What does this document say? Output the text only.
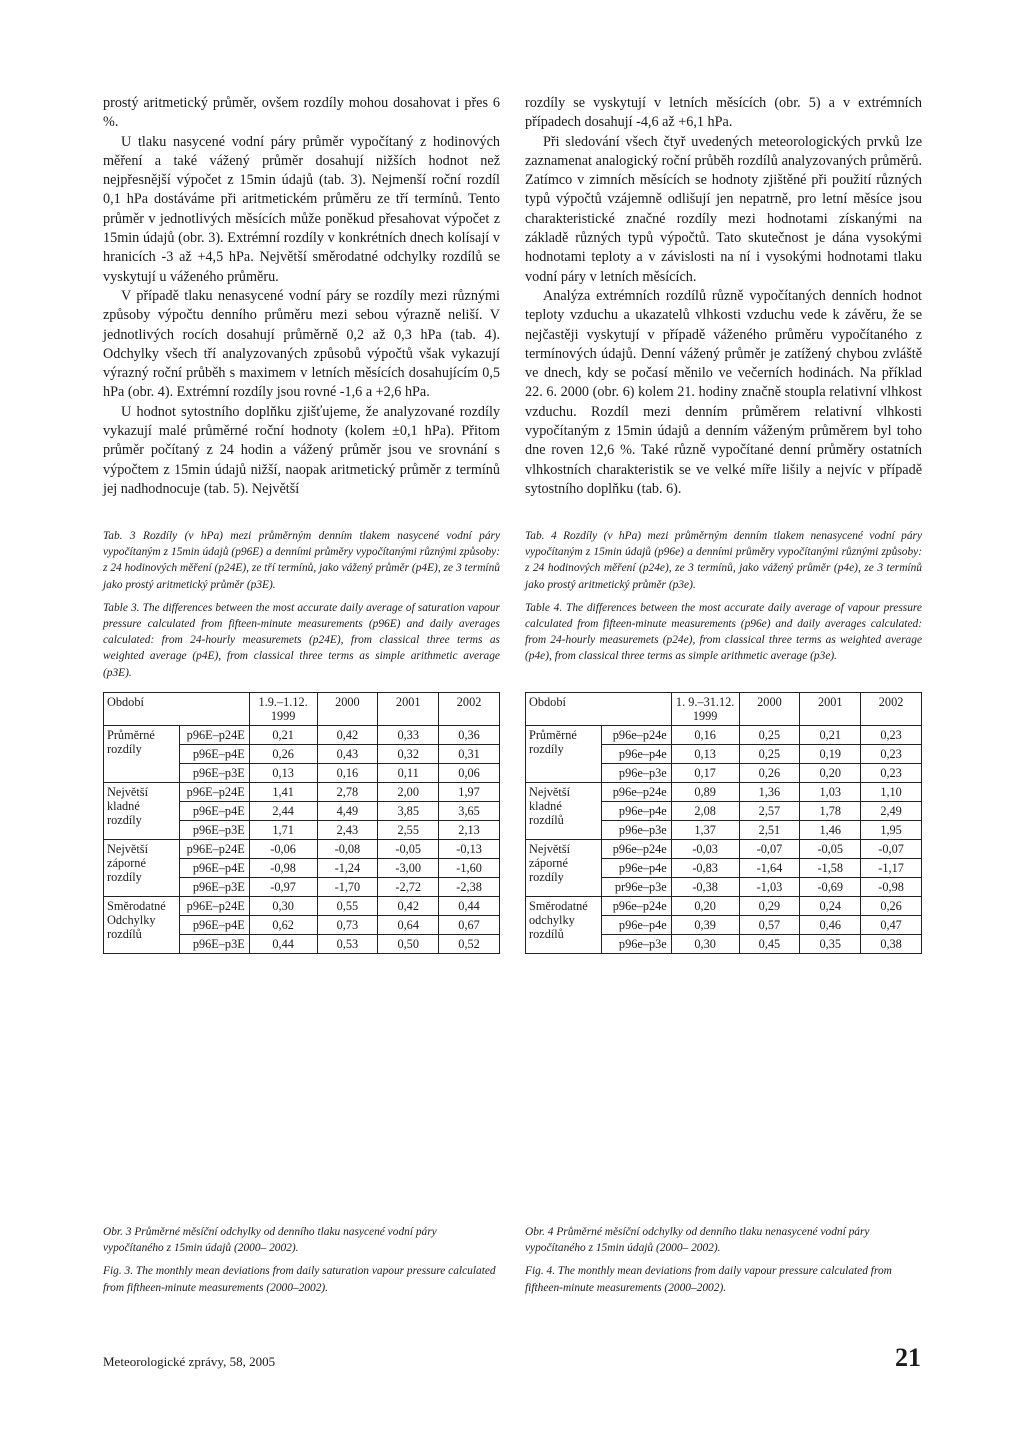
prostý aritmetický průměr, ovšem rozdíly mohou dosahovat i přes 6 %.

U tlaku nasycené vodní páry průměr vypočítaný z hodinových měření a také vážený průměr dosahují nižších hodnot než nejpřesnější výpočet z 15min údajů (tab. 3). Nejmenší roční rozdíl 0,1 hPa dostáváme při aritmetickém průměru ze tří termínů. Tento průměr v jednotlivých měsících může poněkud přesahovat výpočet z 15min údajů (obr. 3). Extrémní rozdíly v konkrétních dnech kolísají v hranicích -3 až +4,5 hPa. Největší směrodatné odchylky rozdílů se vyskytují u váženého průměru.

V případě tlaku nenasycené vodní páry se rozdíly mezi různými způsoby výpočtu denního průměru mezi sebou výrazně neliší. V jednotlivých rocích dosahují průměrně 0,2 až 0,3 hPa (tab. 4). Odchylky všech tří analyzovaných způsobů výpočtů však vykazují výrazný roční průběh s maximem v letních měsících dosahujícím 0,5 hPa (obr. 4). Extrémní rozdíly jsou rovné -1,6 a +2,6 hPa.

U hodnot sytostního doplňku zjišťujeme, že analyzované rozdíly vykazují malé průměrné roční hodnoty (kolem ±0,1 hPa). Přitom průměr počítaný z 24 hodin a vážený průměr jsou ve srovnání s výpočtem z 15min údajů nižší, naopak aritmetický průměr z termínů jej nadhodnocuje (tab. 5). Největší

rozdíly se vyskytují v letních měsících (obr. 5) a v extrémních případech dosahují -4,6 až +6,1 hPa.

Při sledování všech čtyř uvedených meteorologických prvků lze zaznamenat analogický roční průběh rozdílů analyzovaných průměrů. Zatímco v zimních měsících se hodnoty zjištěné při použití různých typů výpočtů vzájemně odlišují jen nepatrně, pro letní měsíce jsou charakteristické značné rozdíly mezi hodnotami získanými na základě různých typů výpočtů. Tato skutečnost je dána vysokými hodnotami teploty a v závislosti na ní i vysokými hodnotami tlaku vodní páry v letních měsících.

Analýza extrémních rozdílů různě vypočítaných denních hodnot teploty vzduchu a ukazatelů vlhkosti vzduchu vede k závěru, že se nejčastěji vyskytují v případě váženého průměru vypočítaného z termínových údajů. Denní vážený průměr je zatížený chybou zvláště ve dnech, kdy se počasí měnilo ve večerních hodinách. Na příklad 22. 6. 2000 (obr. 6) kolem 21. hodiny značně stoupla relativní vlhkost vzduchu. Rozdíl mezi denním průměrem relativní vlhkosti vypočítaným z 15min údajů a denním váženým průměrem byl toho dne roven 12,6 %. Také různě vypočítané denní průměry ostatních vlhkostních charakteristik se ve velké míře lišily a nejvíc v případě sytostního doplňku (tab. 6).

Tab. 3 Rozdíly (v hPa) mezi průměrným denním tlakem nasycené vodní páry vypočítaným z 15min údajů (p96E) a denními průměry vypočítanými různými způsoby: z 24 hodinových měření (p24E), ze tří termínů, jako vážený průměr (p4E), ze 3 termínů jako prostý aritmetický průměr (p3E).

Table 3. The differences between the most accurate daily average of saturation vapour pressure calculated from fifteen-minute measurements (p96E) and daily averages calculated: from 24-hourly measuremets (p24E), from classical three terms as weighted average (p4E), from classical three terms as simple arithmetic average (p3E).

Tab. 4 Rozdíly (v hPa) mezi průměrným denním tlakem nenasycené vodní páry vypočítaným z 15min údajů (p96e) a denními průměry vypočítanými různými způsoby: z 24 hodinových měření (p24e), ze 3 termínů, jako vážený průměr (p4e), ze 3 termínů jako prostý aritmetický průměr (p3e).

Table 4. The differences between the most accurate daily average of vapour pressure calculated from fifteen-minute measurements (p96e) and daily averages calculated: from 24-hourly measuremets (p24e), from classical three terms as weighted average (p4e), from classical three terms as simple arithmetic average (p3e).

Období		1.9.–1.12. 1999	2000	2001	2002
Průměrné rozdíly	p96E–p24E	0,21	0,42	0,33	0,36
	p96E–p4E	0,26	0,43	0,32	0,31
	p96E–p3E	0,13	0,16	0,11	0,06
Největší kladné rozdíly	p96E–p24E	1,41	2,78	2,00	1,97
	p96E–p4E	2,44	4,49	3,85	3,65
	p96E–p3E	1,71	2,43	2,55	2,13
Největší záporné rozdíly	p96E–p24E	-0,06	-0,08	-0,05	-0,13
	p96E–p4E	-0,98	-1,24	-3,00	-1,60
	p96E–p3E	-0,97	-1,70	-2,72	-2,38
Směrodatné Odchylky rozdílů	p96E–p24E	0,30	0,55	0,42	0,44
	p96E–p4E	0,62	0,73	0,64	0,67
	p96E–p3E	0,44	0,53	0,50	0,52
Období		1. 9.–31.12. 1999	2000	2001	2002
Průměrné rozdíly	p96e–p24e	0,16	0,25	0,21	0,23
	p96e–p4e	0,13	0,25	0,19	0,23
	p96e–p3e	0,17	0,26	0,20	0,23
Největší kladné rozdílů	p96e–p24e	0,89	1,36	1,03	1,10
	p96e–p4e	2,08	2,57	1,78	2,49
	p96e–p3e	1,37	2,51	1,46	1,95
Největší záporné rozdíly	p96e–p24e	-0,03	-0,07	-0,05	-0,07
	p96e–p4e	-0,83	-1,64	-1,58	-1,17
	pr96e–p3e	-0,38	-1,03	-0,69	-0,98
Směrodatné odchylky rozdílů	p96e–p24e	0,20	0,29	0,24	0,26
	p96e–p4e	0,39	0,57	0,46	0,47
	p96e–p3e	0,30	0,45	0,35	0,38

Obr. 3 Průměrné měsíční odchylky od denního tlaku nasycené vodní páry vypočítaného z 15min údajů (2000– 2002).

Fig. 3. The monthly mean deviations from daily saturation vapour pressure calculated from fiftheen-minute measurements (2000–2002).

Obr. 4 Průměrné měsíční odchylky od denního tlaku nenasycené vodní páry vypočítaného z 15min údajů (2000– 2002).

Fig. 4. The monthly mean deviations from daily vapour pressure calculated from fiftheen-minute measurements (2000–2002).

Meteorologické zprávy, 58, 2005	21
